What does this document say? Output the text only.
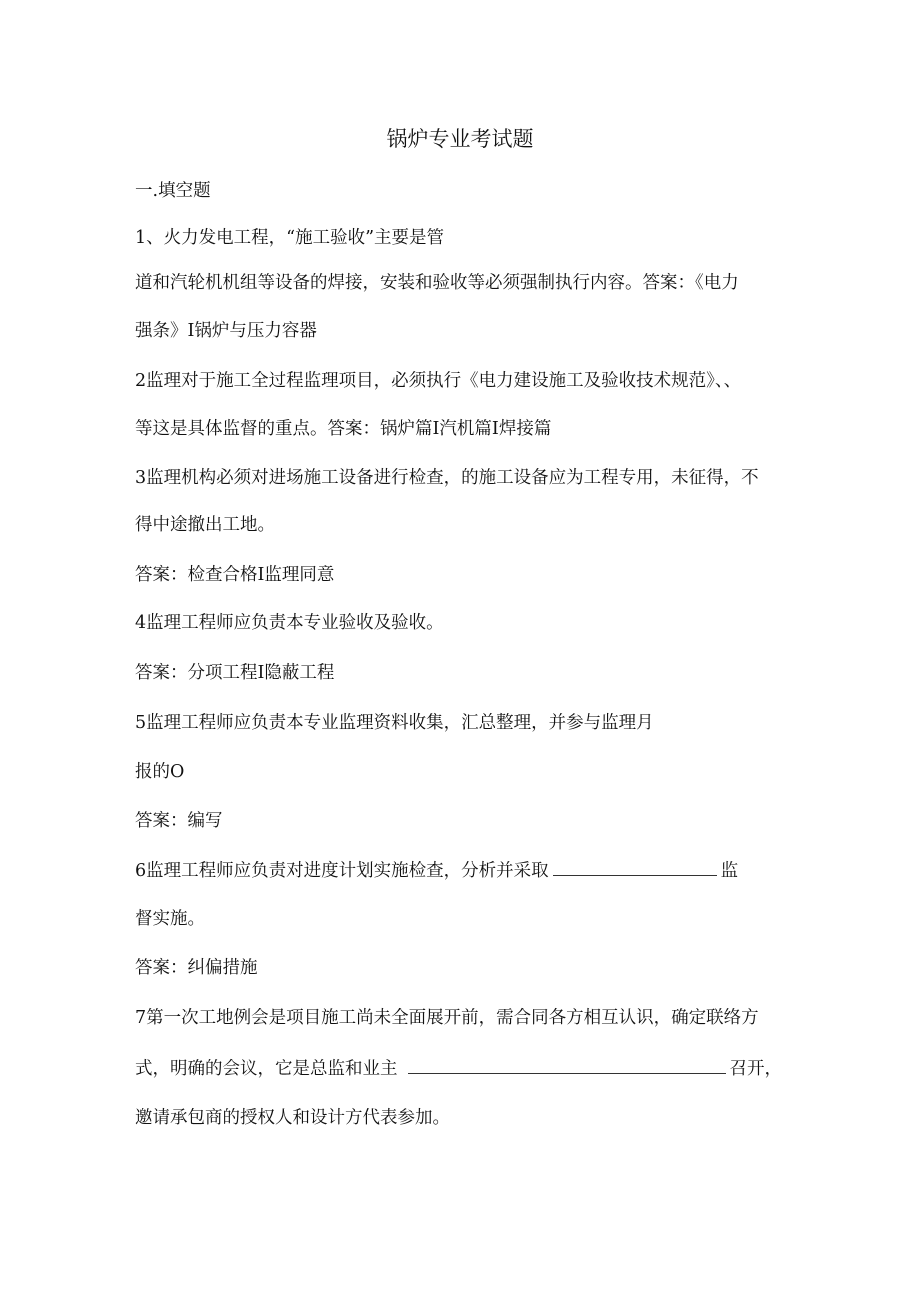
锅炉专业考试题
一.填空题
1、火力发电工程，“施工验收”主要是管
道和汽轮机机组等设备的焊接，安装和验收等必须强制执行内容。答案：《电力
强条》I锅炉与压力容器
2监理对于施工全过程监理项目，必须执行《电力建设施工及验收技术规范》、、
等这是具体监督的重点。答案：锅炉篇I汽机篇I焊接篇
3监理机构必须对进场施工设备进行检查，的施工设备应为工程专用，未征得，不
得中途撤出工地。
答案：检查合格I监理同意
4监理工程师应负责本专业验收及验收。
答案：分项工程I隐蔽工程
5监理工程师应负责本专业监理资料收集，汇总整理，并参与监理月
报的O
答案：编写
6监理工程师应负责对进度计划实施检查，分析并采取	监
督实施。
答案：纠偏措施
7第一次工地例会是项目施工尚未全面展开前，需合同各方相互认识，确定联络方
式，明确的会议，它是总监和业主	召开，
邀请承包商的授权人和设计方代表参加。
